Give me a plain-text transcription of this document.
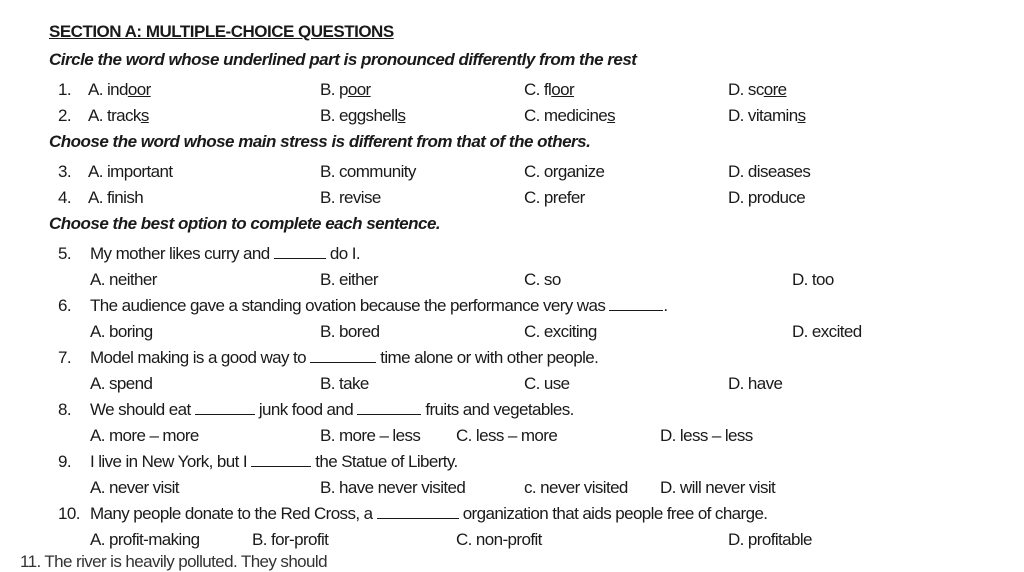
SECTION A: MULTIPLE-CHOICE QUESTIONS
Circle the word whose underlined part is pronounced differently from the rest
1. A. indoor	B. poor	C. floor	D. score
2. A. tracks	B. eggshells	C. medicines	D. vitamins
Choose the word whose main stress is different from that of the others.
3. A. important	B. community	C. organize	D. diseases
4. A. finish	B. revise	C. prefer	D. produce
Choose the best option to complete each sentence.
5. My mother likes curry and	do I.
A. neither	B. either	C. so	D. too
6. The audience gave a standing ovation because the performance very was	.
A. boring	B. bored	C. exciting	D. excited
7. Model making is a good way to	time alone or with other people.
A. spend	B. take	C. use	D. have
8. We should eat	junk food and	fruits and vegetables.
A. more – more	B. more – less C. less – more	D. less – less
9. I live in New York, but I	the Statue of Liberty.
A. never visit	B. have never visited	c. never visited D. will never visit
10. Many people donate to the Red Cross, a	organization that aids people free of charge.
A. profit-making	B. for-profit	C. non-profit	D. profitable
11. The river is heavily polluted. They should
